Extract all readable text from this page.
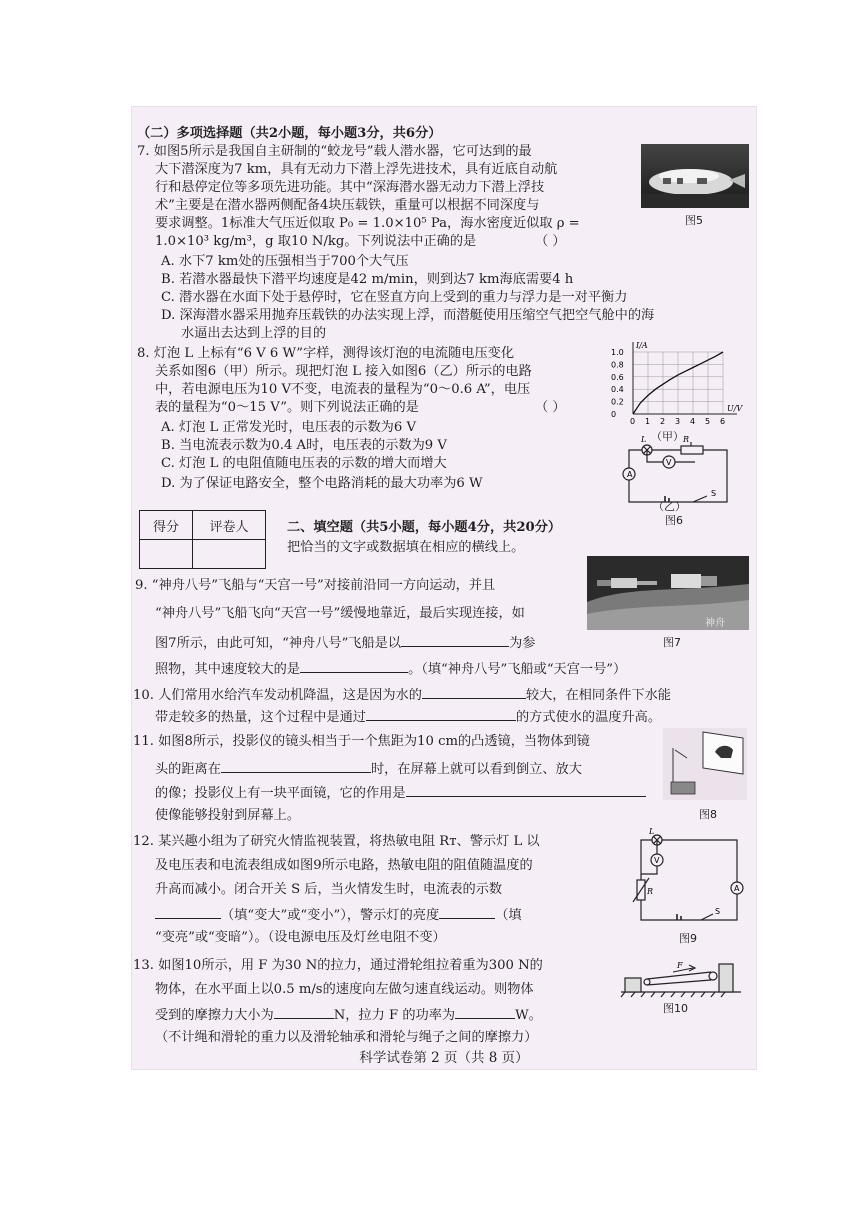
（二）多项选择题（共2小题，每小题3分，共6分）
7. 如图5所示是我国自主研制的“蛟龙号”载人潜水器，它可达到的最
大下潜深度为7 km，具有无动力下潜上浮先进技术，具有近底自动航
行和悬停定位等多项先进功能。其中“深海潜水器无动力下潜上浮技
术”主要是在潜水器两侧配备4块压载铁，重量可以根据不同深度与
要求调整。1标准大气压近似取 P₀ = 1.0×10⁵ Pa，海水密度近似取 ρ =
1.0×10³ kg/m³，g 取10 N/kg。下列说法中正确的是	（ ）
A. 水下7 km处的压强相当于700个大气压
B. 若潜水器最快下潜平均速度是42 m/min，则到达7 km海底需要4 h
C. 潜水器在水面下处于悬停时，它在竖直方向上受到的重力与浮力是一对平衡力
D. 深海潜水器采用抛弃压载铁的办法实现上浮，而潜艇使用压缩空气把空气舱中的海
水逼出去达到上浮的目的
图5
8. 灯泡 L 上标有“6 V 6 W”字样，测得该灯泡的电流随电压变化
关系如图6（甲）所示。现把灯泡 L 接入如图6（乙）所示的电路
中，若电源电压为10 V不变，电流表的量程为“0～0.6 A”，电压
表的量程为“0～15 V”。则下列说法正确的是	（ ）
A. 灯泡 L 正常发光时，电压表的示数为6 V
B. 当电流表示数为0.4 A时，电压表的示数为9 V
C. 灯泡 L 的电阻值随电压表的示数的增大而增大
D. 为了保证电路安全，整个电路消耗的最大功率为6 W
0 1 2 3 4 5 6
0
0.2
0.4
0.6
0.8
1.0
U/V
I/A
（甲）
A
V
L	R
S
（乙）
图6
得分	评卷人
		二、填空题（共5小题，每小题4分，共20分）
把恰当的文字或数据填在相应的横线上。
9. “神舟八号”飞船与“天宫一号”对接前沿同一方向运动，并且
“神舟八号”飞船飞向“天宫一号”缓慢地靠近，最后实现连接，如
图7所示，由此可知，“神舟八号”飞船是以	为参
照物，其中速度较大的是	。（填“神舟八号”飞船或“天宫一号”）
神舟
图7
10. 人们常用水给汽车发动机降温，这是因为水的	较大，在相同条件下水能
带走较多的热量，这个过程中是通过	的方式使水的温度升高。
11. 如图8所示，投影仪的镜头相当于一个焦距为10 cm的凸透镜，当物体到镜
头的距离在	时，在屏幕上就可以看到倒立、放大
的像；投影仪上有一块平面镜，它的作用是
使像能够投射到屏幕上。	图8
12. 某兴趣小组为了研究火情监视装置，将热敏电阻 Rᴛ、警示灯 L 以
及电压表和电流表组成如图9所示电路，热敏电阻的阻值随温度的
升高而减小。闭合开关 S 后，当火情发生时，电流表的示数
（填“变大”或“变小”），警示灯的亮度	（填
“变亮”或“变暗”）。（设电源电压及灯丝电阻不变）
V
A
L
R
S
图9
13. 如图10所示，用 F 为30 N的拉力，通过滑轮组拉着重为300 N的
物体，在水平面上以0.5 m/s的速度向左做匀速直线运动。则物体
受到的摩擦力大小为	N，拉力 F 的功率为	W。
（不计绳和滑轮的重力以及滑轮轴承和滑轮与绳子之间的摩擦力）
F
图10
科学试卷第 2 页（共 8 页）
